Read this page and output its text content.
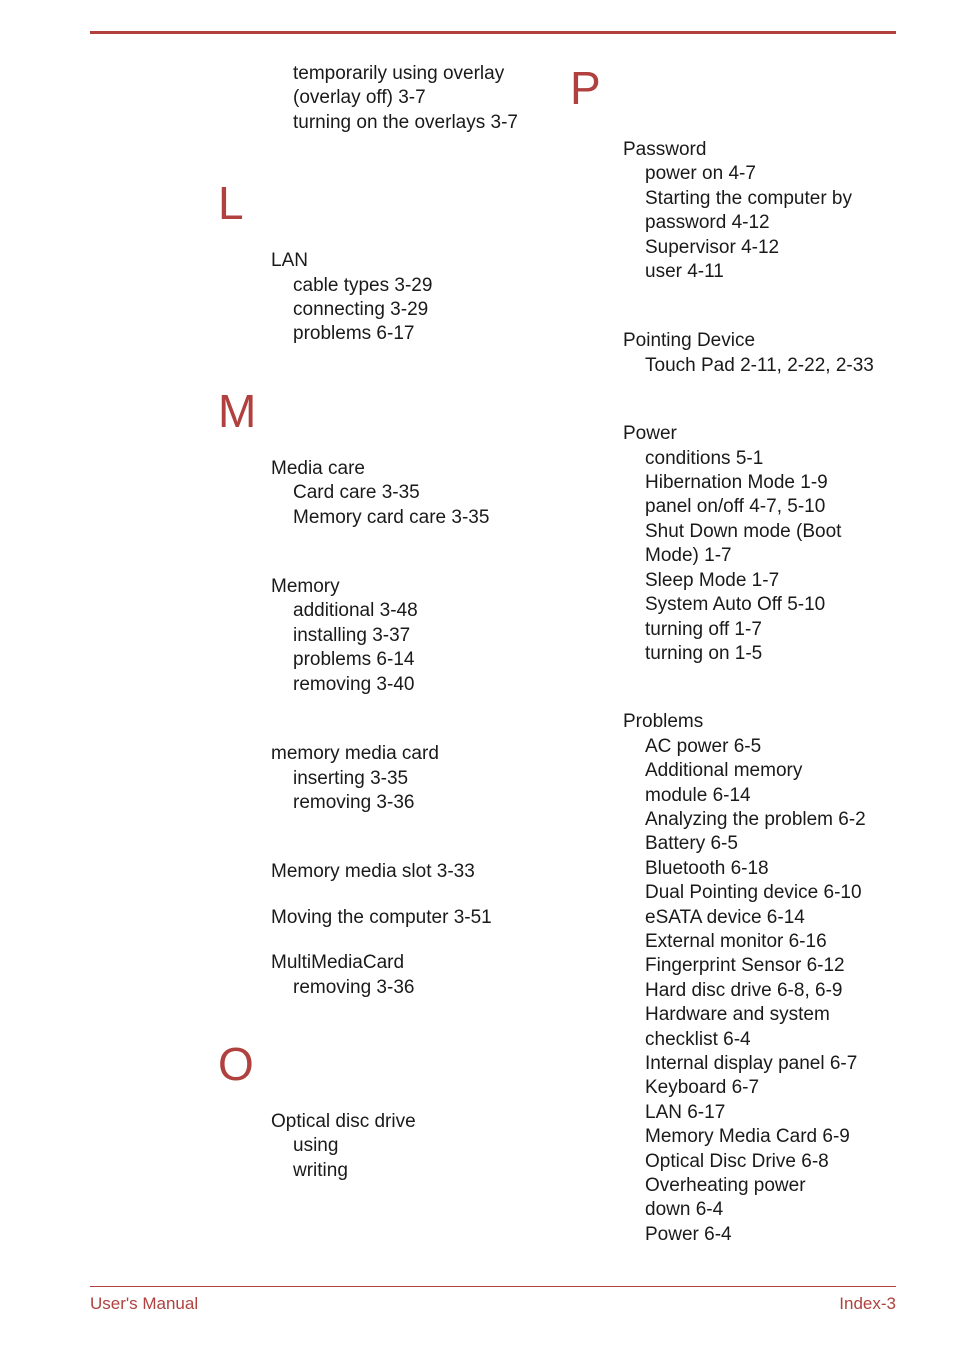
temporarily using overlay
(overlay off) 3-7
turning on the overlays 3-7
L
LAN
cable types 3-29
connecting 3-29
problems 6-17
M
Media care
Card care 3-35
Memory card care 3-35
Memory
additional 3-48
installing 3-37
problems 6-14
removing 3-40
memory media card
inserting 3-35
removing 3-36
Memory media slot 3-33
Moving the computer 3-51
MultiMediaCard
removing 3-36
O
Optical disc drive
using
writing
P
Password
power on 4-7
Starting the computer by
password 4-12
Supervisor 4-12
user 4-11
Pointing Device
Touch Pad 2-11, 2-22, 2-33
Power
conditions 5-1
Hibernation Mode 1-9
panel on/off 4-7, 5-10
Shut Down mode (Boot
Mode) 1-7
Sleep Mode 1-7
System Auto Off 5-10
turning off 1-7
turning on 1-5
Problems
AC power 6-5
Additional memory
module 6-14
Analyzing the problem 6-2
Battery 6-5
Bluetooth 6-18
Dual Pointing device 6-10
eSATA device 6-14
External monitor 6-16
Fingerprint Sensor 6-12
Hard disc drive 6-8, 6-9
Hardware and system
checklist 6-4
Internal display panel 6-7
Keyboard 6-7
LAN 6-17
Memory Media Card 6-9
Optical Disc Drive 6-8
Overheating power
down 6-4
Power 6-4
User's Manual	Index-3
